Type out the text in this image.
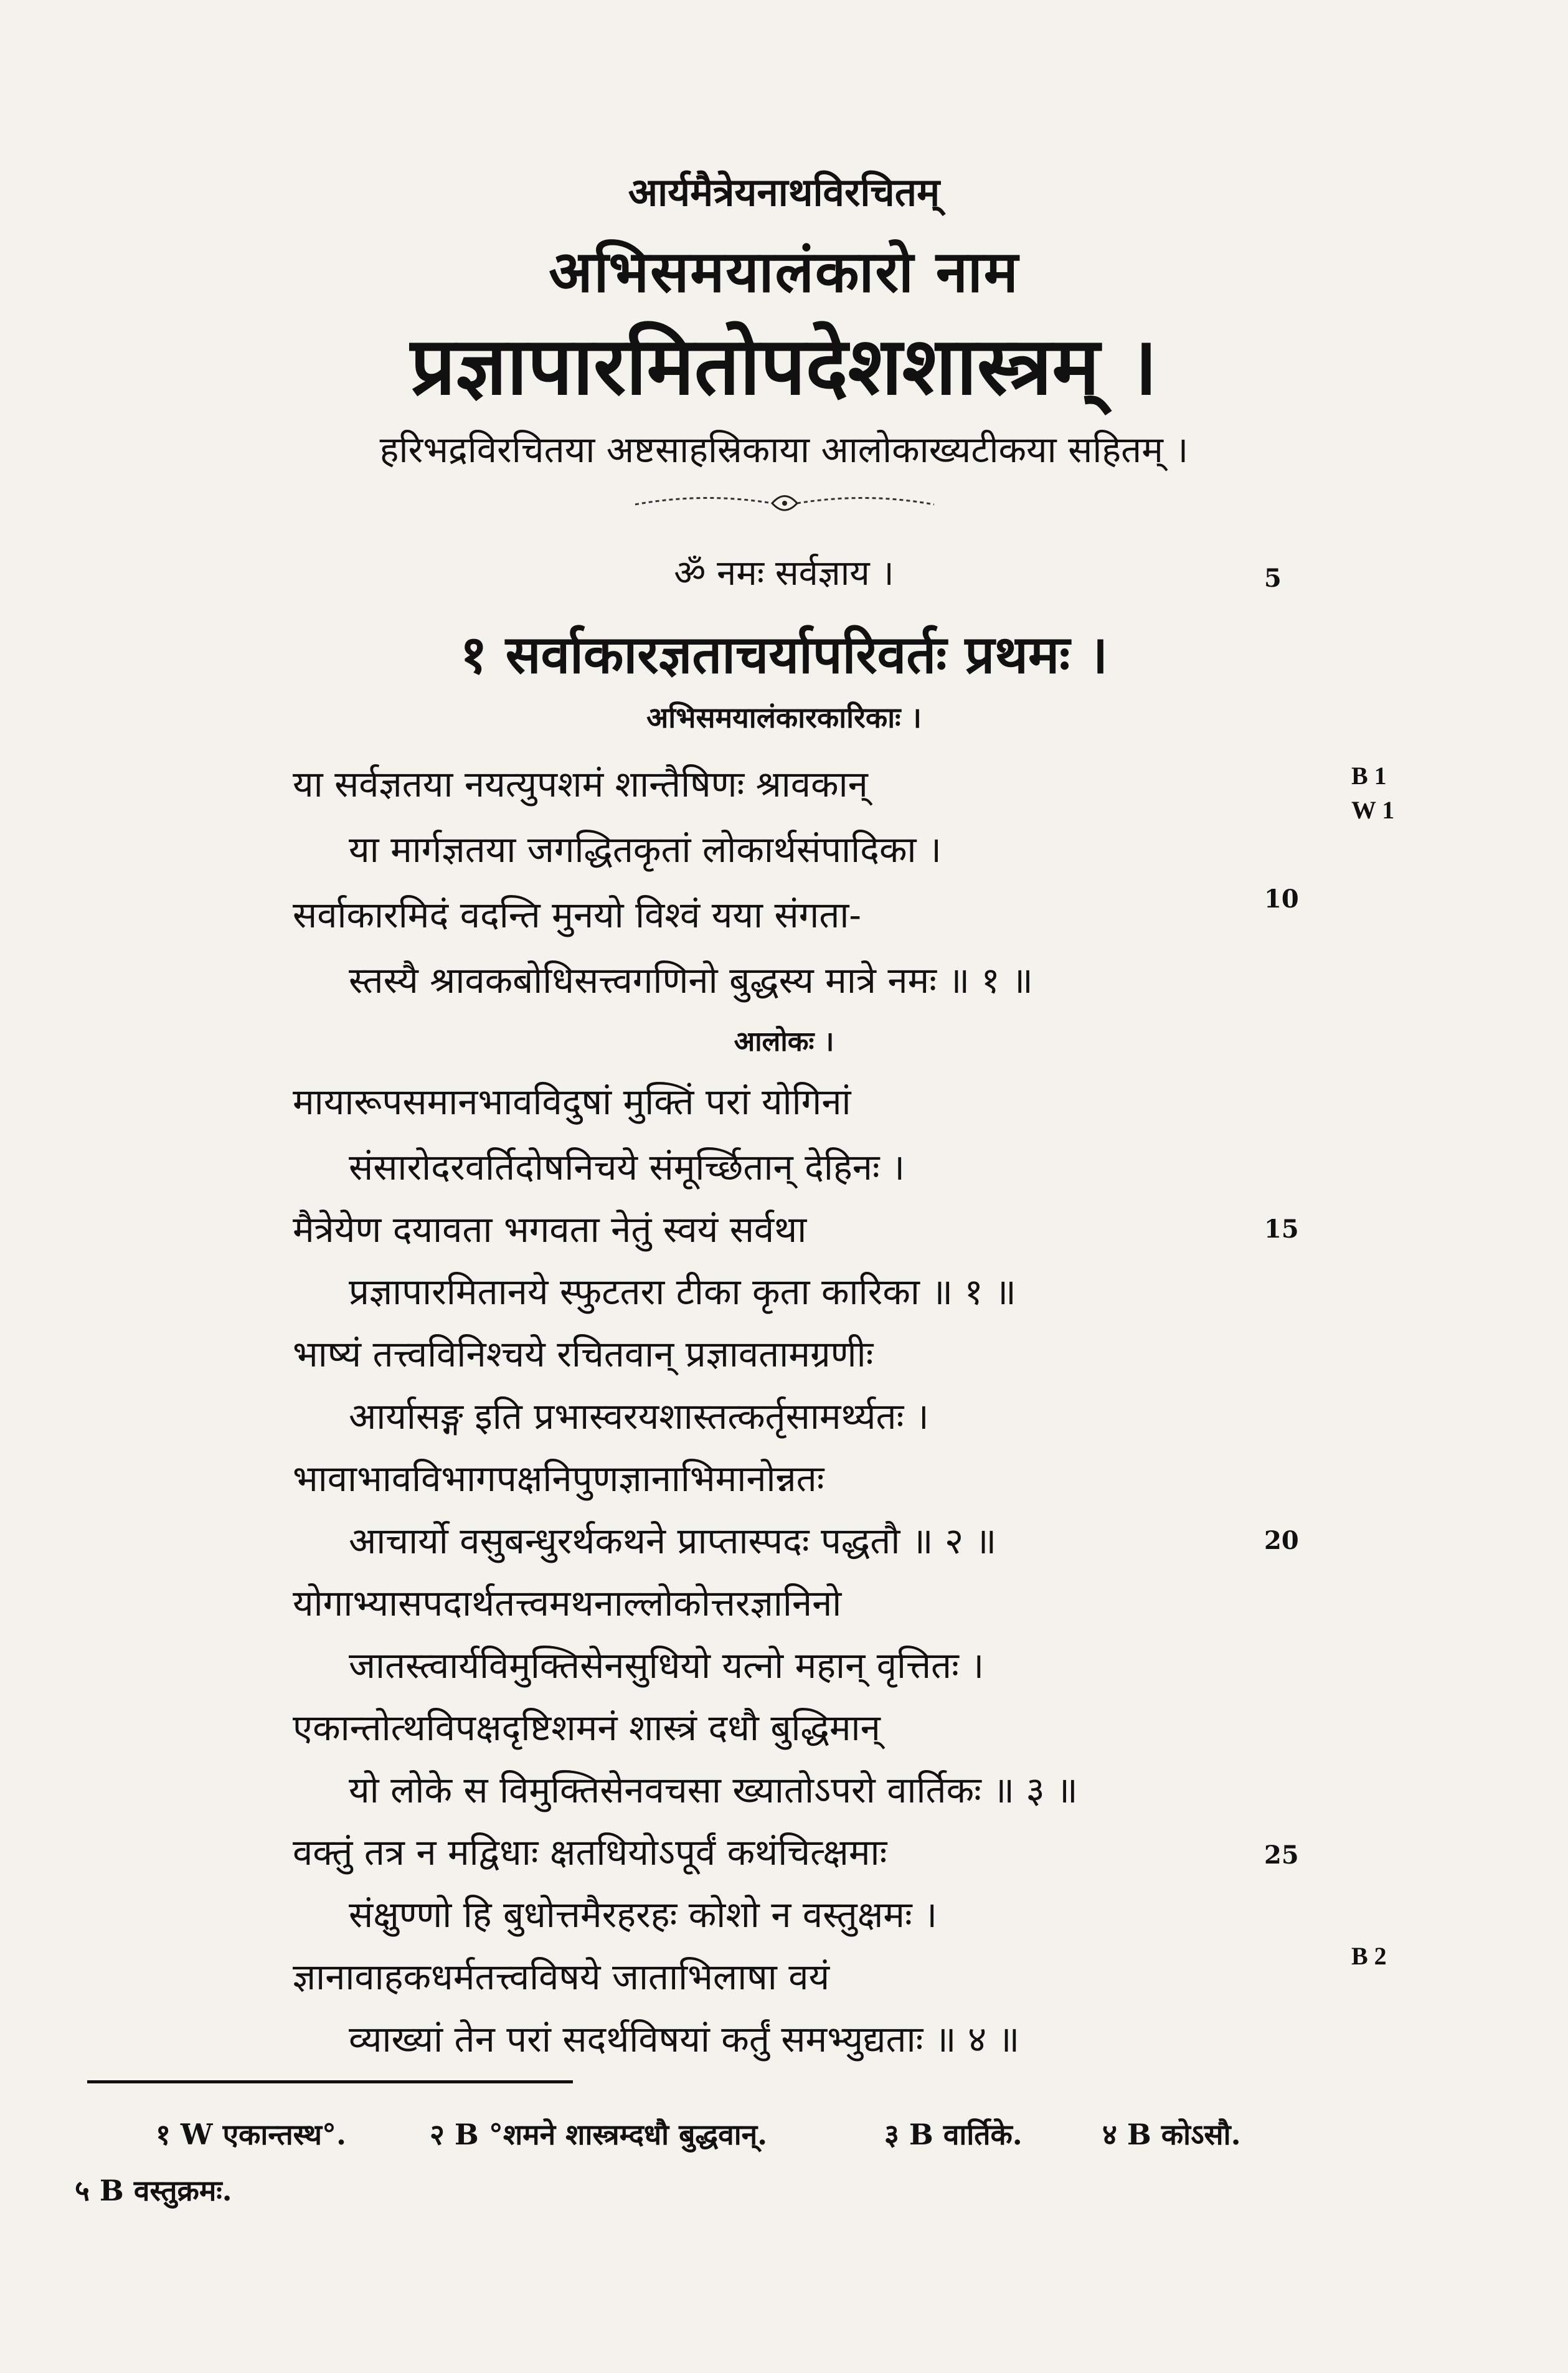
आर्यमैत्रेयनाथविरचितम्
अभिसमयालंकारो नाम
प्रज्ञापारमितोपदेशशास्त्रम् ।
हरिभद्रविरचितया अष्टसाहस्रिकाया आलोकाख्यटीकया सहितम् ।
ॐ नमः सर्वज्ञाय ।
१ सर्वाकारज्ञताचर्यापरिवर्तः प्रथमः ।
अभिसमयालंकारकारिकाः ।
या सर्वज्ञतया नयत्युपशमं शान्तैषिणः श्रावकान्
या मार्गज्ञतया जगद्धितकृतां लोकार्थसंपादिका ।
सर्वाकारमिदं वदन्ति मुनयो विश्वं यया संगता-
स्तस्यै श्रावकबोधिसत्त्वगणिनो बुद्धस्य मात्रे नमः ॥ १ ॥
आलोकः ।
मायारूपसमानभावविदुषां मुक्तिं परां योगिनां
संसारोदरवर्तिदोषनिचये संमूर्च्छितान् देहिनः ।
मैत्रेयेण दयावता भगवता नेतुं स्वयं सर्वथा
प्रज्ञापारमितानये स्फुटतरा टीका कृता कारिका ॥ १ ॥
भाष्यं तत्त्वविनिश्चये रचितवान् प्रज्ञावतामग्रणीः
आर्यासङ्ग इति प्रभास्वरयशास्तत्कर्तृसामर्थ्यतः ।
भावाभावविभागपक्षनिपुणज्ञानाभिमानोन्नतः
आचार्यो वसुबन्धुरर्थकथने प्राप्तास्पदः पद्धतौ ॥ २ ॥
योगाभ्यासपदार्थतत्त्वमथनाल्लोकोत्तरज्ञानिनो
जातस्त्वार्यविमुक्तिसेनसुधियो यत्नो महान् वृत्तितः ।
एकान्तोत्थविपक्षदृष्टिशमनं शास्त्रं दधौ बुद्धिमान्
यो लोके स विमुक्तिसेनवचसा ख्यातोऽपरो वार्तिकः ॥ ३ ॥
वक्तुं तत्र न मद्विधाः क्षतधियोऽपूर्वं कथंचित्क्षमाः
संक्षुण्णो हि बुधोत्तमैरहरहः कोशो न वस्तुक्षमः ।
ज्ञानावाहकधर्मतत्त्वविषये जाताभिलाषा वयं
व्याख्यां तेन परां सदर्थविषयां कर्तुं समभ्युद्यताः ॥ ४ ॥
5
10
15
20
25
B 1
W 1
B 2
१ W एकान्तस्थ°.	२ B °शमने शास्त्रम्दधौ बुद्धवान्.	३ B वार्तिके.	४ B कोऽसौ.
५ B वस्तुक्रमः.
